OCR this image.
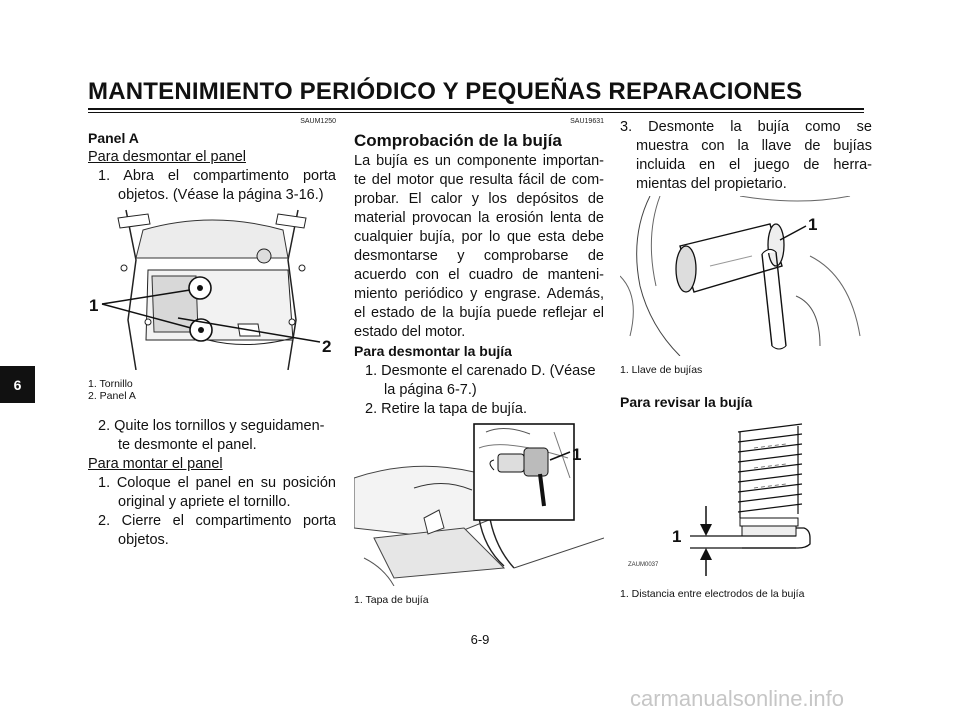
MANTENIMIENTO PERIÓDICO Y PEQUEÑAS REPARACIONES
6
SAUM1250
Panel A
Para desmontar el panel
1. Abra el compartimento porta
objetos. (Véase la página 3-16.)
1
2
1. Tornillo
2. Panel A
2. Quite los tornillos y seguidamen-
te desmonte el panel.
Para montar el panel
1. Coloque el panel en su posición
original y apriete el tornillo.
2. Cierre el compartimento porta
objetos.
SAU19631
Comprobación de la bujía
La bujía es un componente importan-
te del motor que resulta fácil de com-
probar. El calor y los depósitos de
material provocan la erosión lenta de
cualquier bujía, por lo que esta debe
desmontarse y comprobarse de
acuerdo con el cuadro de manteni-
miento periódico y engrase. Además,
el estado de la bujía puede reflejar el
estado del motor.
Para desmontar la bujía
1. Desmonte el carenado D. (Véase
la página 6-7.)
2. Retire la tapa de bujía.
1
1. Tapa de bujía
3. Desmonte la bujía como se
muestra con la llave de bujías
incluida en el juego de herra-
mientas del propietario.
1
1. Llave de bujías
Para revisar la bujía
1
ZAUM0037
1. Distancia entre electrodos de la bujía
6-9
carmanualsonline.info
